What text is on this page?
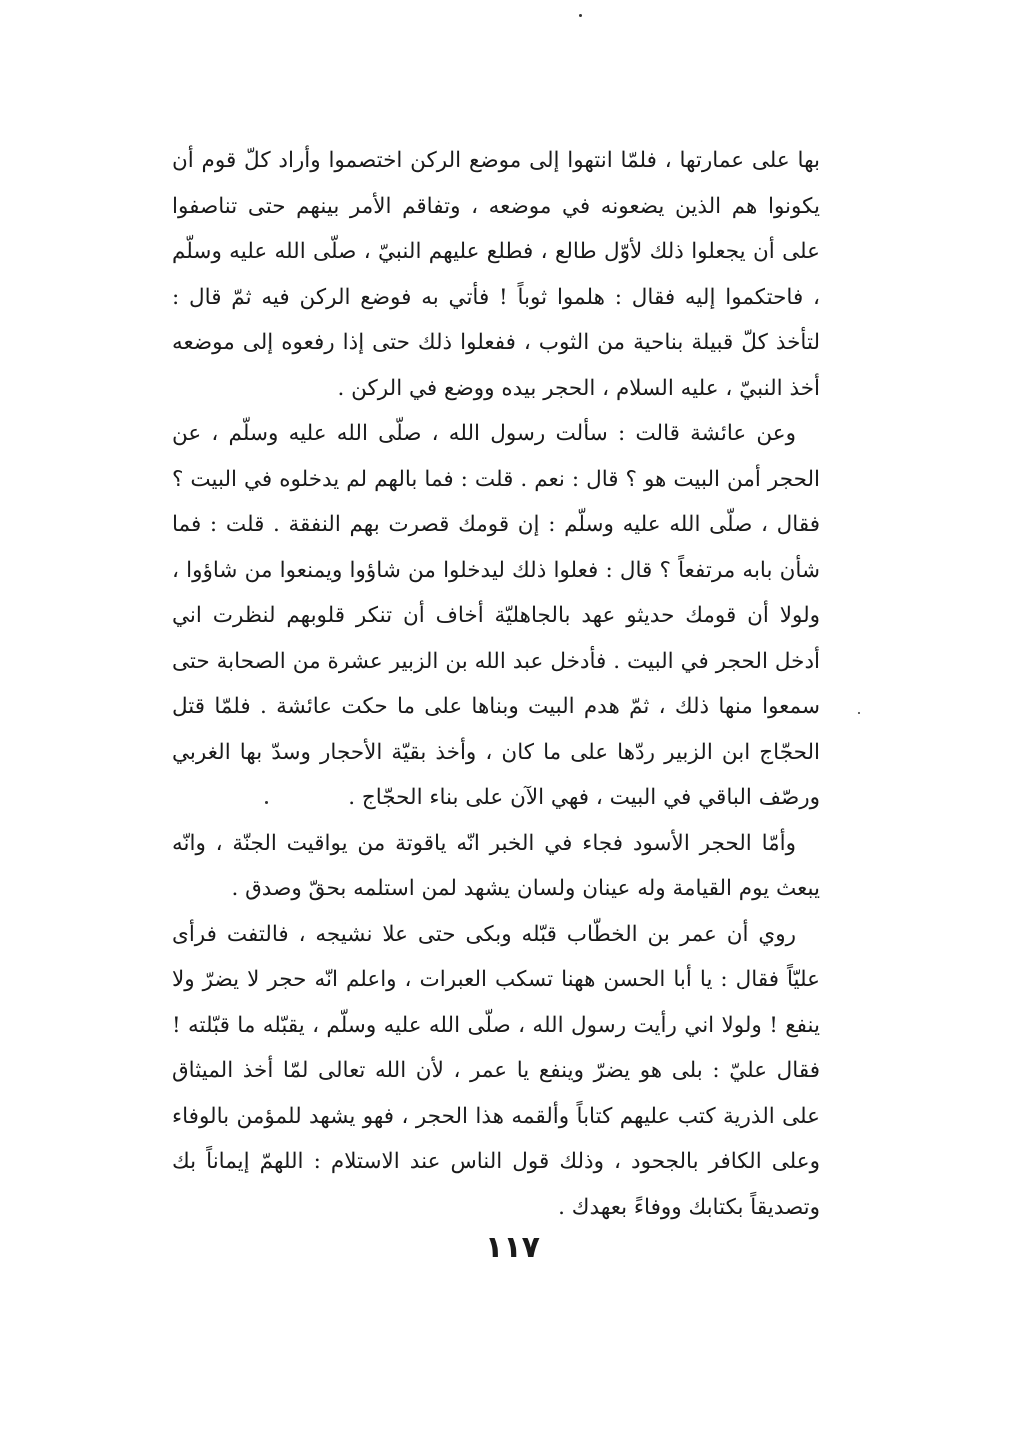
بها على عمارتها ، فلمّا انتهوا إلى موضع الركن اختصموا وأراد كلّ قوم أن يكونوا هم الذين يضعونه في موضعه ، وتفاقم الأمر بينهم حتى تناصفوا على أن يجعلوا ذلك لأوّل طالع ، فطلع عليهم النبيّ ، صلّى الله عليه وسلّم ، فاحتكموا إليه فقال : هلموا ثوباً ! فأتي به فوضع الركن فيه ثمّ قال : لتأخذ كلّ قبيلة بناحية من الثوب ، ففعلوا ذلك حتى إذا رفعوه إلى موضعه أخذ النبيّ ، عليه السلام ، الحجر بيده ووضع في الركن .

وعن عائشة قالت : سألت رسول الله ، صلّى الله عليه وسلّم ، عن الحجر أمن البيت هو ؟ قال : نعم . قلت : فما بالهم لم يدخلوه في البيت ؟ فقال ، صلّى الله عليه وسلّم : إن قومك قصرت بهم النفقة . قلت : فما شأن بابه مرتفعاً ؟ قال : فعلوا ذلك ليدخلوا من شاؤوا ويمنعوا من شاؤوا ، ولولا أن قومك حديثو عهد بالجاهليّة أخاف أن تنكر قلوبهم لنظرت اني أدخل الحجر في البيت . فأدخل عبد الله بن الزبير عشرة من الصحابة حتى سمعوا منها ذلك ، ثمّ هدم البيت وبناها على ما حكت عائشة . فلمّا قتل الحجّاج ابن الزبير ردّها على ما كان ، وأخذ بقيّة الأحجار وسدّ بها الغربي ورصّف الباقي في البيت ، فهي الآن على بناء الحجّاج .

وأمّا الحجر الأسود فجاء في الخبر انّه ياقوتة من يواقيت الجنّة ، وانّه يبعث يوم القيامة وله عينان ولسان يشهد لمن استلمه بحقّ وصدق .

روي أن عمر بن الخطّاب قبّله وبكى حتى علا نشيجه ، فالتفت فرأى عليّاً فقال : يا أبا الحسن ههنا تسكب العبرات ، واعلم انّه حجر لا يضرّ ولا ينفع ! ولولا اني رأيت رسول الله ، صلّى الله عليه وسلّم ، يقبّله ما قبّلته ! فقال عليّ : بلى هو يضرّ وينفع يا عمر ، لأن الله تعالى لمّا أخذ الميثاق على الذرية كتب عليهم كتاباً وألقمه هذا الحجر ، فهو يشهد للمؤمن بالوفاء وعلى الكافر بالجحود ، وذلك قول الناس عند الاستلام : اللهمّ إيماناً بك وتصديقاً بكتابك ووفاءً بعهدك .

١١٧
